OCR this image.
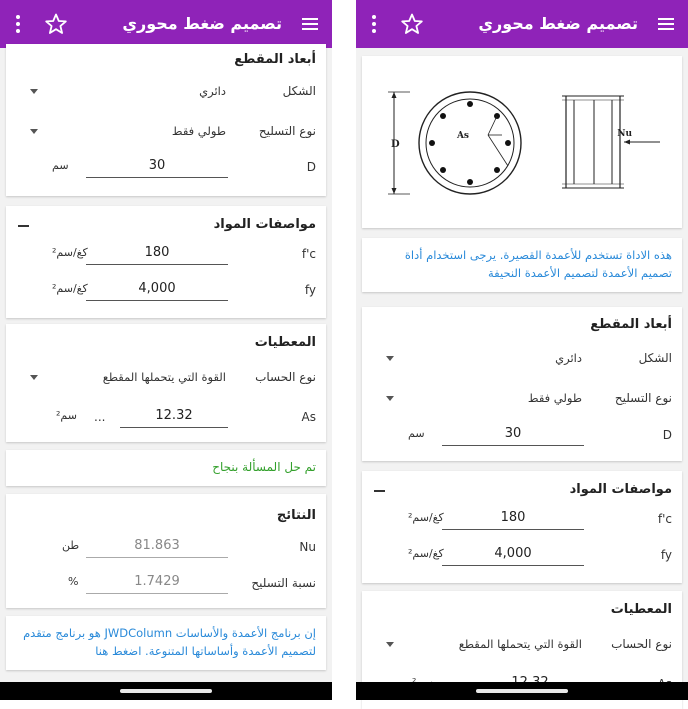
تصميم ضغط محوري
أبعاد المقطع
الشكل
دائري
نوع التسليح
طولي فقط
D
30
سم
مواصفات المواد
f'c
180
كغ/سم²
fy
4,000
كغ/سم²
المعطيات
نوع الحساب
القوة التي يتحملها المقطع
As
12.32
...
سم²
تم حل المسألة بنجاح
النتائج
Nu
81.863
طن
نسبة التسليح
1.7429
%
إن برنامج الأعمدة والأساسات JWDColumn هو برنامج متقدم
لتصميم الأعمدة وأساساتها المتنوعة. اضغط هنا
تصميم ضغط محوري
D
As	Nu
هذه الاداة تستخدم للأعمدة القصيرة. يرجى استخدام أداة
تصميم الأعمدة لتصميم الأعمدة النحيفة
أبعاد المقطع
الشكل
دائري
نوع التسليح
طولي فقط
D
30
سم
مواصفات المواد
f'c
180
كغ/سم²
fy
4,000
كغ/سم²
المعطيات
نوع الحساب
القوة التي يتحملها المقطع
